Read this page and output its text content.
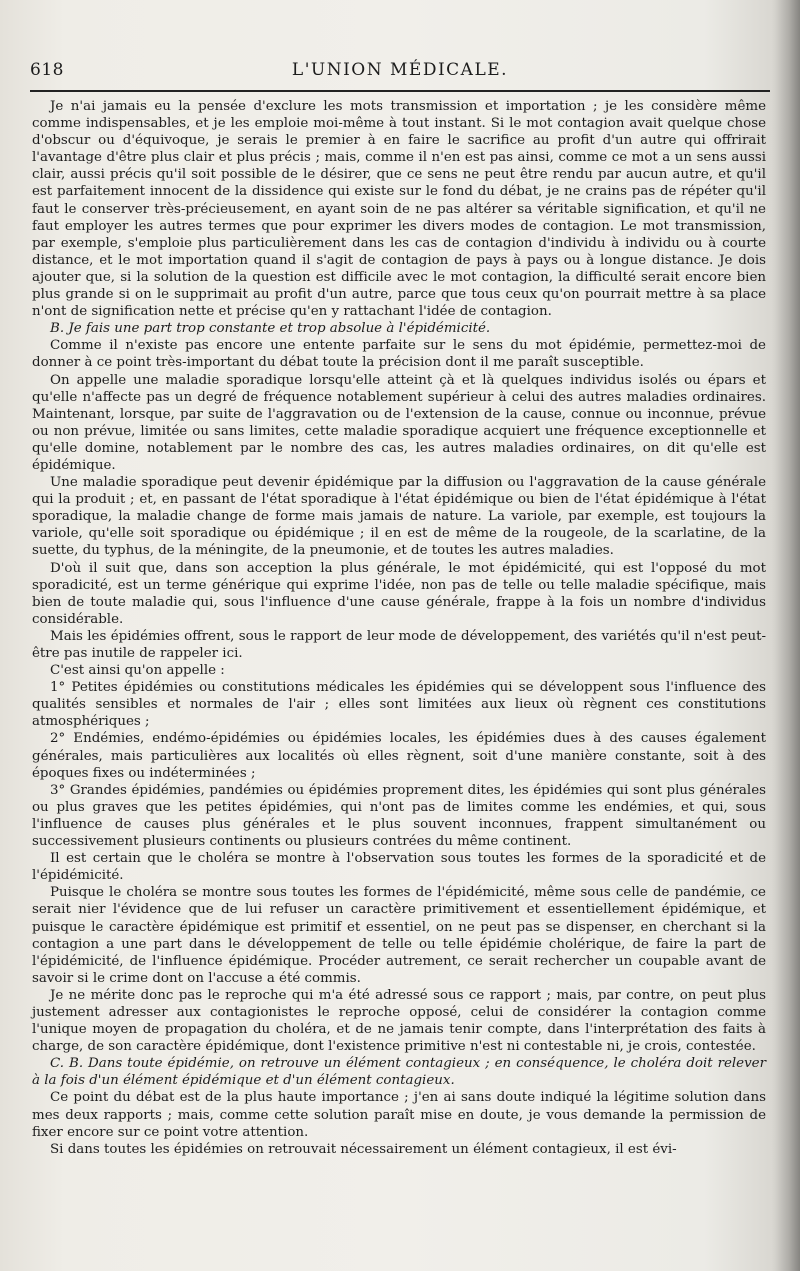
618	L'UNION MÉDICALE.

Je n'ai jamais eu la pensée d'exclure les mots transmission et importation ; je les considère même comme indispensables, et je les emploie moi-même à tout instant. Si le mot contagion avait quelque chose d'obscur ou d'équivoque, je serais le premier à en faire le sacrifice au profit d'un autre qui offrirait l'avantage d'être plus clair et plus précis ; mais, comme il n'en est pas ainsi, comme ce mot a un sens aussi clair, aussi précis qu'il soit possible de le désirer, que ce sens ne peut être rendu par aucun autre, et qu'il est parfaitement innocent de la dissidence qui existe sur le fond du débat, je ne crains pas de répéter qu'il faut le conserver très-précieusement, en ayant soin de ne pas altérer sa véritable signification, et qu'il ne faut employer les autres termes que pour exprimer les divers modes de contagion. Le mot transmission, par exemple, s'emploie plus particulièrement dans les cas de contagion d'individu à individu ou à courte distance, et le mot importation quand il s'agit de contagion de pays à pays ou à longue distance. Je dois ajouter que, si la solution de la question est difficile avec le mot contagion, la difficulté serait encore bien plus grande si on le supprimait au profit d'un autre, parce que tous ceux qu'on pourrait mettre à sa place n'ont de signification nette et précise qu'en y rattachant l'idée de contagion.

B. Je fais une part trop constante et trop absolue à l'épidémicité.

Comme il n'existe pas encore une entente parfaite sur le sens du mot épidémie, permettez-moi de donner à ce point très-important du débat toute la précision dont il me paraît susceptible.

On appelle une maladie sporadique lorsqu'elle atteint çà et là quelques individus isolés ou épars et qu'elle n'affecte pas un degré de fréquence notablement supérieur à celui des autres maladies ordinaires. Maintenant, lorsque, par suite de l'aggravation ou de l'extension de la cause, connue ou inconnue, prévue ou non prévue, limitée ou sans limites, cette maladie sporadique acquiert une fréquence exceptionnelle et qu'elle domine, notablement par le nombre des cas, les autres maladies ordinaires, on dit qu'elle est épidémique.

Une maladie sporadique peut devenir épidémique par la diffusion ou l'aggravation de la cause générale qui la produit ; et, en passant de l'état sporadique à l'état épidémique ou bien de l'état épidémique à l'état sporadique, la maladie change de forme mais jamais de nature. La variole, par exemple, est toujours la variole, qu'elle soit sporadique ou épidémique ; il en est de même de la rougeole, de la scarlatine, de la suette, du typhus, de la méningite, de la pneumonie, et de toutes les autres maladies.

D'où il suit que, dans son acception la plus générale, le mot épidémicité, qui est l'opposé du mot sporadicité, est un terme générique qui exprime l'idée, non pas de telle ou telle maladie spécifique, mais bien de toute maladie qui, sous l'influence d'une cause générale, frappe à la fois un nombre d'individus considérable.

Mais les épidémies offrent, sous le rapport de leur mode de développement, des variétés qu'il n'est peut-être pas inutile de rappeler ici.

C'est ainsi qu'on appelle :

1° Petites épidémies ou constitutions médicales les épidémies qui se développent sous l'influence des qualités sensibles et normales de l'air ; elles sont limitées aux lieux où règnent ces constitutions atmosphériques ;

2° Endémies, endémo-épidémies ou épidémies locales, les épidémies dues à des causes également générales, mais particulières aux localités où elles règnent, soit d'une manière constante, soit à des époques fixes ou indéterminées ;

3° Grandes épidémies, pandémies ou épidémies proprement dites, les épidémies qui sont plus générales ou plus graves que les petites épidémies, qui n'ont pas de limites comme les endémies, et qui, sous l'influence de causes plus générales et le plus souvent inconnues, frappent simultanément ou successivement plusieurs continents ou plusieurs contrées du même continent.

Il est certain que le choléra se montre à l'observation sous toutes les formes de la sporadicité et de l'épidémicité.

Puisque le choléra se montre sous toutes les formes de l'épidémicité, même sous celle de pandémie, ce serait nier l'évidence que de lui refuser un caractère primitivement et essentiellement épidémique, et puisque le caractère épidémique est primitif et essentiel, on ne peut pas se dispenser, en cherchant si la contagion a une part dans le développement de telle ou telle épidémie cholérique, de faire la part de l'épidémicité, de l'influence épidémique. Procéder autrement, ce serait rechercher un coupable avant de savoir si le crime dont on l'accuse a été commis.

Je ne mérite donc pas le reproche qui m'a été adressé sous ce rapport ; mais, par contre, on peut plus justement adresser aux contagionistes le reproche opposé, celui de considérer la contagion comme l'unique moyen de propagation du choléra, et de ne jamais tenir compte, dans l'interprétation des faits à charge, de son caractère épidémique, dont l'existence primitive n'est ni contestable ni, je crois, contestée.

C. B. Dans toute épidémie, on retrouve un élément contagieux ; en conséquence, le choléra doit relever à la fois d'un élément épidémique et d'un élément contagieux.

Ce point du débat est de la plus haute importance ; j'en ai sans doute indiqué la légitime solution dans mes deux rapports ; mais, comme cette solution paraît mise en doute, je vous demande la permission de fixer encore sur ce point votre attention.

Si dans toutes les épidémies on retrouvait nécessairement un élément contagieux, il est évi-
